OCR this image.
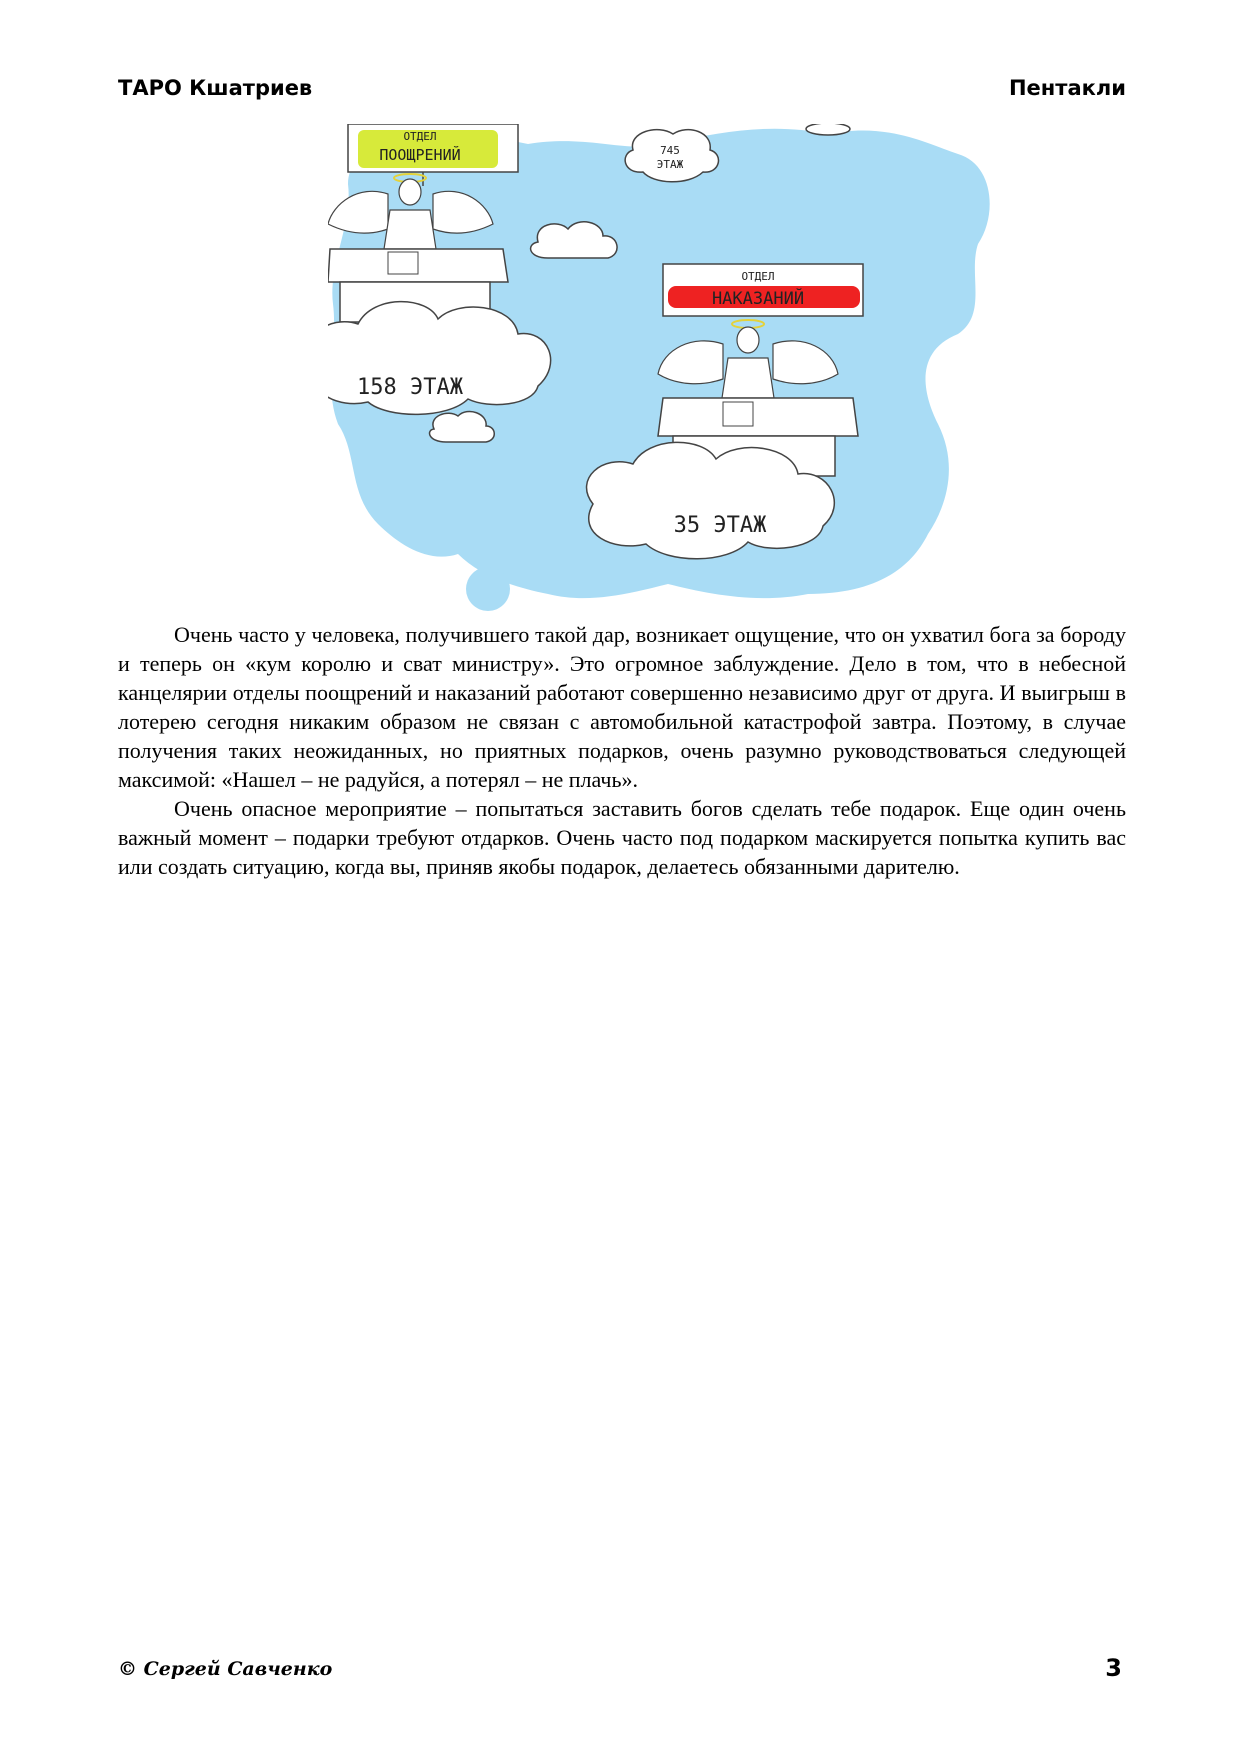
ТАРО Кшатриев	Пентакли
745
ЭТАЖ
ОТДЕЛ
ПООЩРЕНИЙ
158 ЭТАЖ
ОТДЕЛ
НАКАЗАНИЙ
35 ЭТАЖ

Очень часто у человека, получившего такой дар, возникает ощущение, что он ухватил бога за бороду и теперь он «кум королю и сват министру». Это огромное заблуждение. Дело в том, что в небесной канцелярии отделы поощрений и наказаний работают совершенно независимо друг от друга. И выигрыш в лотерею сегодня никаким образом не связан с автомобильной катастрофой завтра. Поэтому, в случае получения таких неожиданных, но приятных подарков, очень разумно руководствоваться следующей максимой: «Нашел – не радуйся, а потерял – не плачь».

Очень опасное мероприятие – попытаться заставить богов сделать тебе подарок. Еще один очень важный момент – подарки требуют отдарков. Очень часто под подарком маскируется попытка купить вас или создать ситуацию, когда вы, приняв якобы подарок, делаетесь обязанными дарителю.

© Сергей Савченко	3
